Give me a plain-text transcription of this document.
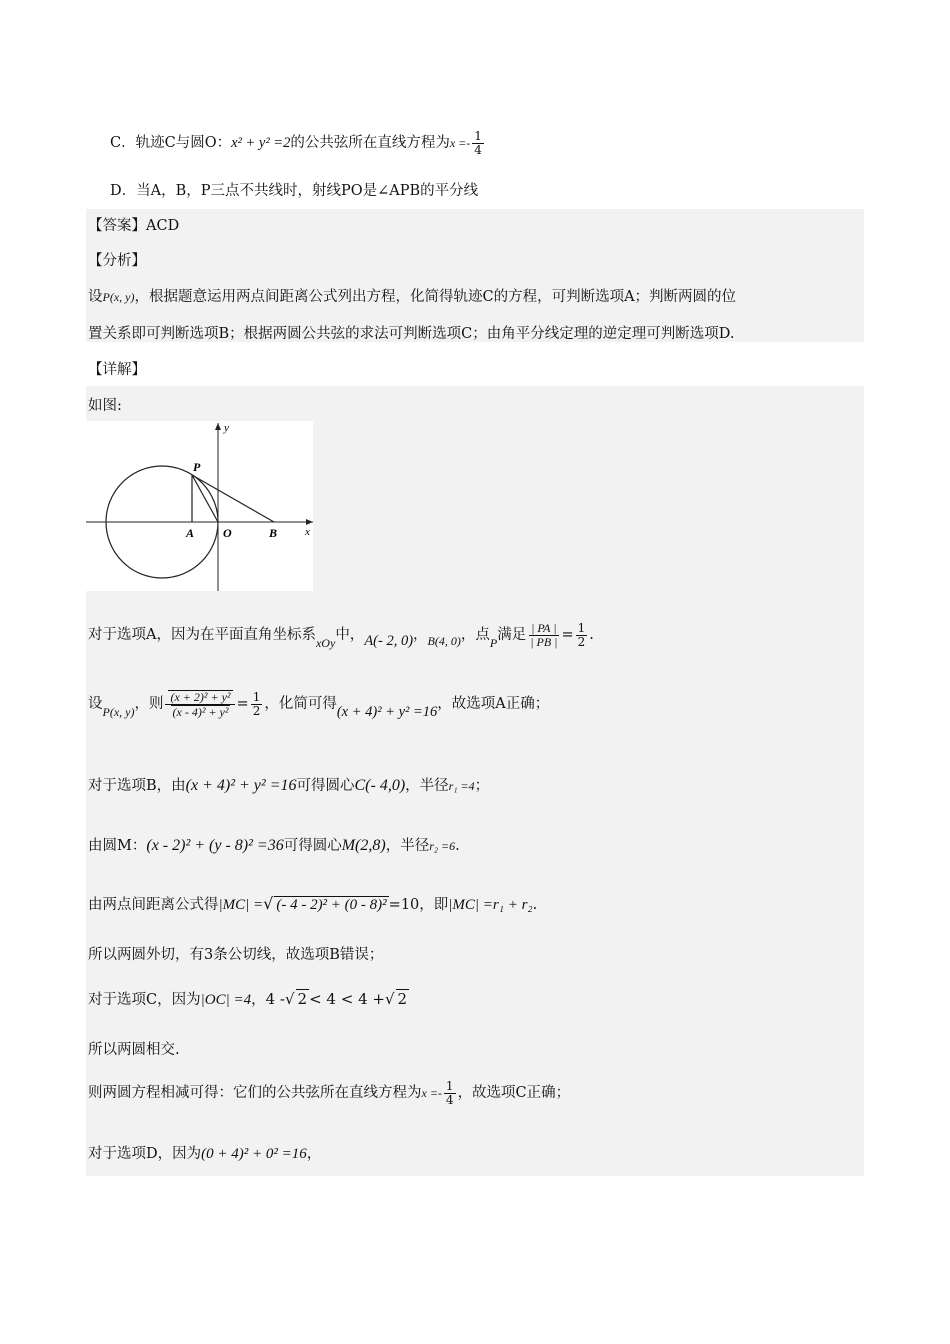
C．轨迹C与圆O：x² + y² =2的公共弦所在直线方程为$x =- \frac{1}{4}$
D．当A，B，P三点不共线时，射线PO是∠APB的平分线
【答案】ACD
【分析】
设P(x, y)，根据题意运用两点间距离公式列出方程，化简得轨迹C的方程，可判断选项A；判断两圆的位
置关系即可判断选项B；根据两圆公共弦的求法可判断选项C；由角平分线定理的逆定理可判断选项D.
【详解】
如图:
y
x
P
A O	B
对于选项A，因为在平面直角坐标系$_{xOy}$中，A(- 2, 0)，$_{B(4, 0)}$，点$_P$满足 $\frac{| PA |}{| PB |} = \frac{1}{2}$ .
设$_{P(x, y)}$，则 $\frac{\text{(x + 2)² + y²}}{\text{(x - 4)² + y²}} = \frac{1}{2}$ ，化简可得(x + 4)² + y² =16，故选项A正确；
对于选项B，由(x + 4)² + y² =16可得圆心C(- 4,0)，半径r₁ =4；
由圆M：(x - 2)² + (y - 8)² =36可得圆心M(2,8)，半径r₂ =6.
由两点间距离公式得|MC| =√ (- 4 - 2)² + (0 - 8)² =10，即|MC| =r₁ + r₂.
所以两圆外切，有3条公切线，故选项B错误；
对于选项C，因为|OC| =4，4 -√ 2 < 4 < 4 +√ 2
所以两圆相交.
则两圆方程相减可得：它们的公共弦所在直线方程为$x =- \frac{1}{4}$ ，故选项C正确；
对于选项D，因为(0 + 4)² + 0² =16，
